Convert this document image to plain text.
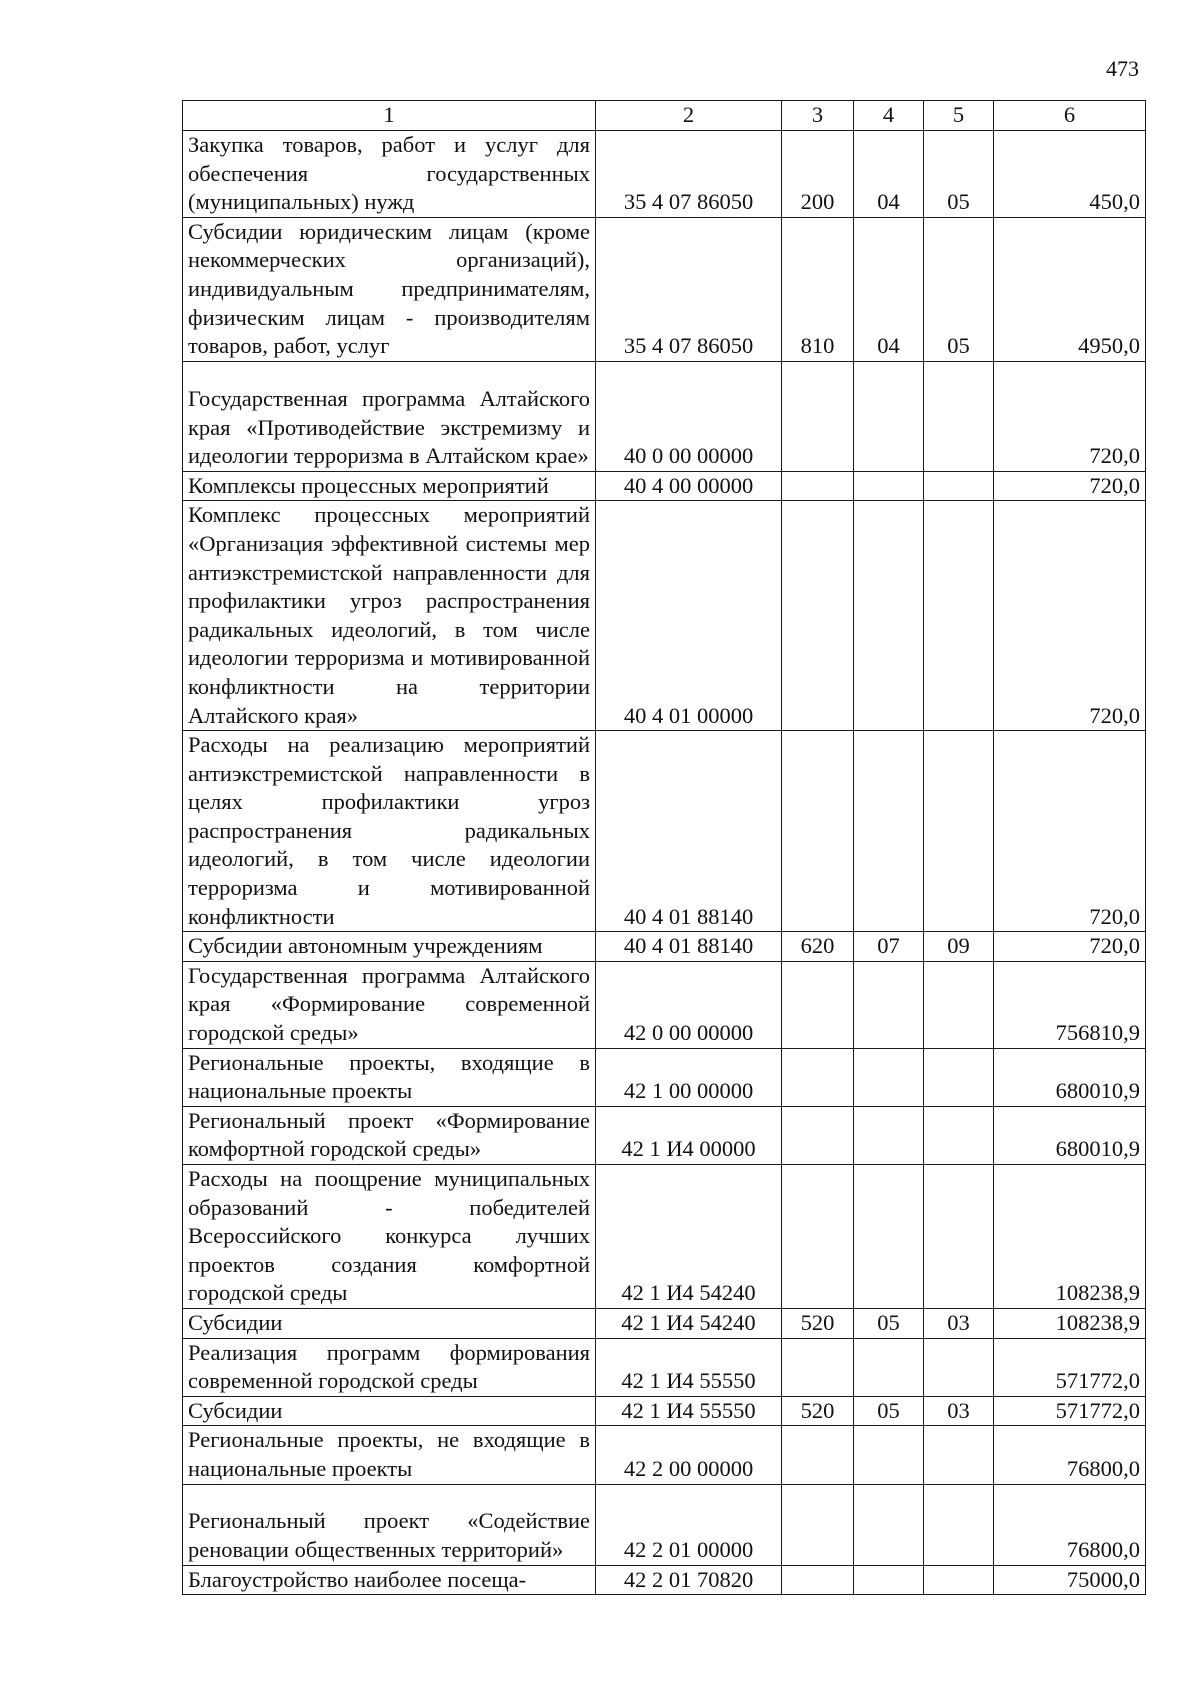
473
1	2	3	4	5	6
Закупка товаров, работ и услуг для обеспечения государственных (муниципальных) нужд	35 4 07 86050	200	04	05	450,0
Субсидии юридическим лицам (кроме некоммерческих организаций), индивидуальным предпринимателям, физическим лицам - производителям товаров, работ, услуг	35 4 07 86050	810	04	05	4950,0
Государственная программа Алтайского края «Противодействие экстремизму и идеологии терроризма в Алтайском крае»	40 0 00 00000				720,0
Комплексы процессных мероприятий	40 4 00 00000				720,0
Комплекс процессных мероприятий «Организация эффективной системы мер антиэкстремистской направленности для профилактики угроз распространения радикальных идеологий, в том числе идеологии терроризма и мотивированной конфликтности на территории Алтайского края»	40 4 01 00000				720,0
Расходы на реализацию мероприятий антиэкстремистской направленности в целях профилактики угроз распространения радикальных идеологий, в том числе идеологии терроризма и мотивированной конфликтности	40 4 01 88140				720,0
Субсидии автономным учреждениям	40 4 01 88140	620	07	09	720,0
Государственная программа Алтайского края «Формирование современной городской среды»	42 0 00 00000				756810,9
Региональные проекты, входящие в национальные проекты	42 1 00 00000				680010,9
Региональный проект «Формирование комфортной городской среды»	42 1 И4 00000				680010,9
Расходы на поощрение муниципальных образований - победителей Всероссийского конкурса лучших проектов создания комфортной городской среды	42 1 И4 54240				108238,9
Субсидии	42 1 И4 54240	520	05	03	108238,9
Реализация программ формирования современной городской среды	42 1 И4 55550				571772,0
Субсидии	42 1 И4 55550	520	05	03	571772,0
Региональные проекты, не входящие в национальные проекты	42 2 00 00000				76800,0
Региональный проект «Содействие реновации общественных территорий»	42 2 01 00000				76800,0
Благоустройство наиболее посеща-	42 2 01 70820				75000,0
